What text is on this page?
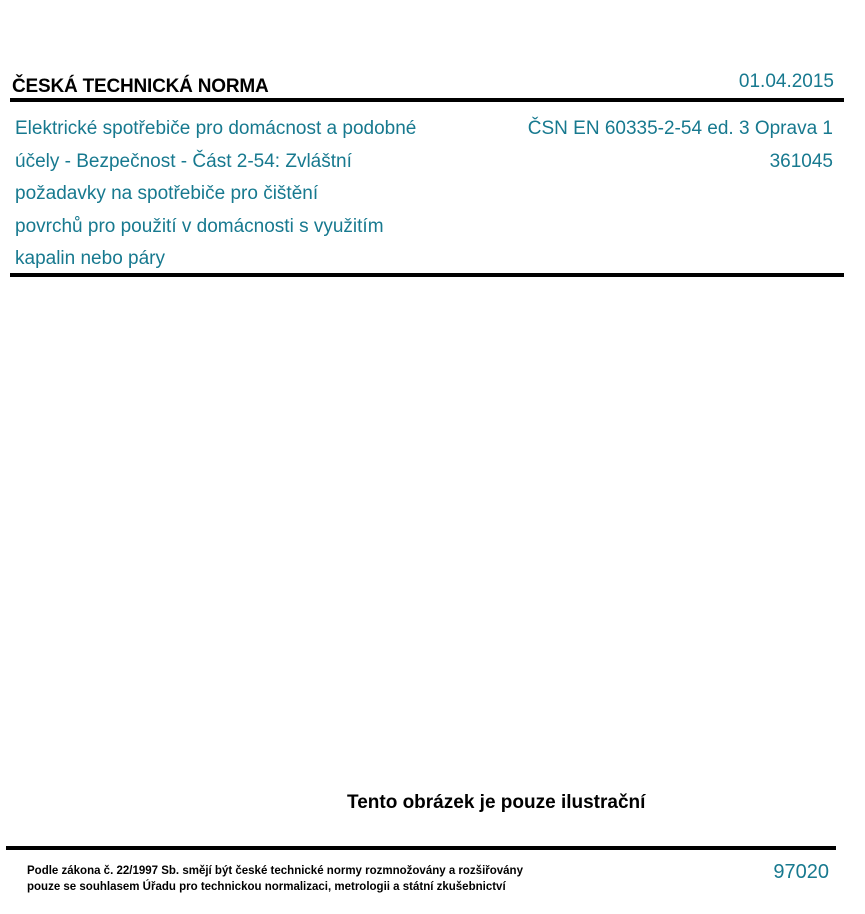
ČESKÁ TECHNICKÁ NORMA	01.04.2015
Elektrické spotřebiče pro domácnost a podobné
účely - Bezpečnost - Část 2-54: Zvláštní
požadavky na spotřebiče pro čištění
povrchů pro použití v domácnosti s využitím
kapalin nebo páry
ČSN EN 60335-2-54 ed. 3 Oprava 1
361045
Tento obrázek je pouze ilustrační
Podle zákona č. 22/1997 Sb. smějí být české technické normy rozmnožovány a rozšiřovány
pouze se souhlasem Úřadu pro technickou normalizaci, metrologii a státní zkušebnictví
97020
